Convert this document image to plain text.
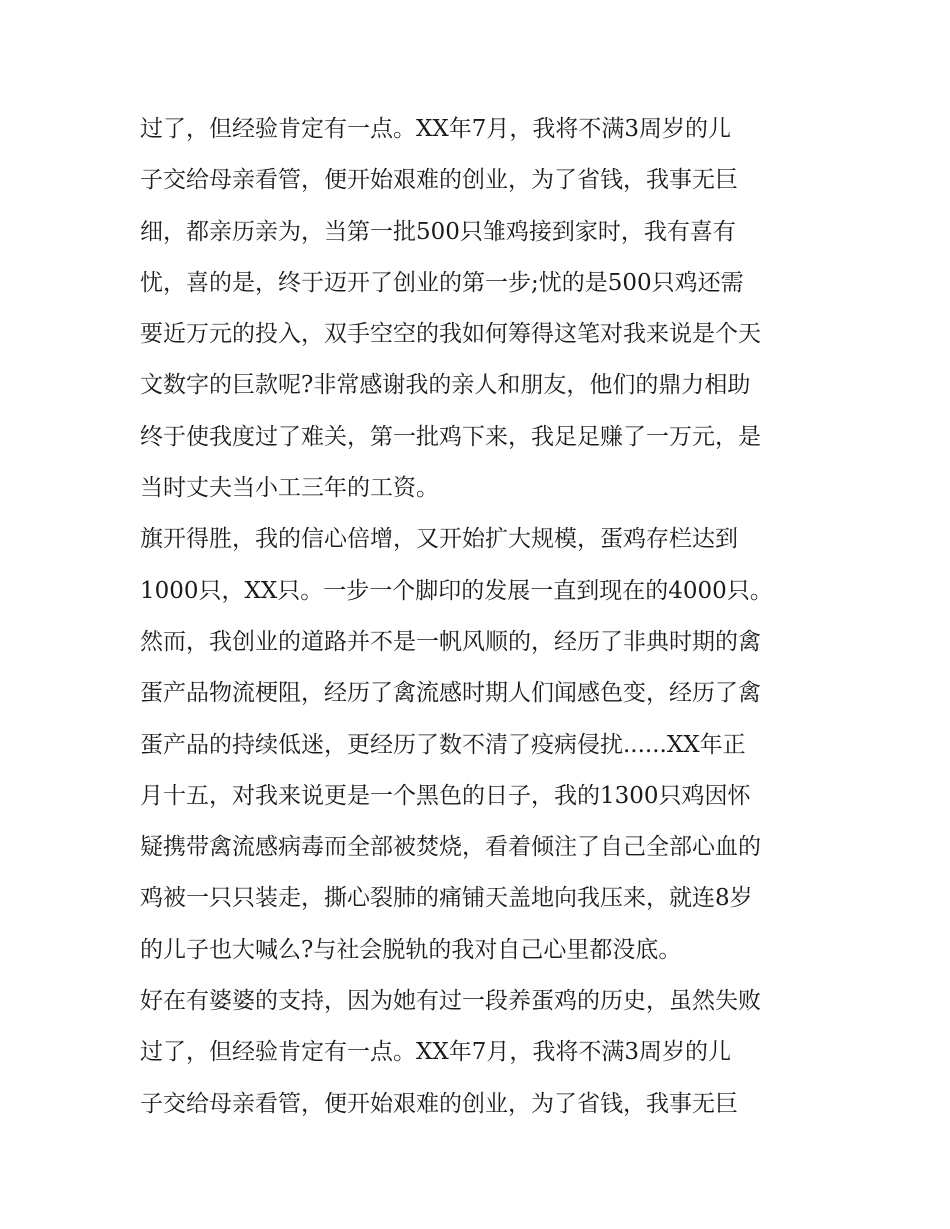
过了，但经验肯定有一点。XX年7月，我将不满3周岁的儿
子交给母亲看管，便开始艰难的创业，为了省钱，我事无巨
细，都亲历亲为，当第一批500只雏鸡接到家时，我有喜有
忧，喜的是，终于迈开了创业的第一步;忧的是500只鸡还需
要近万元的投入，双手空空的我如何筹得这笔对我来说是个天
文数字的巨款呢?非常感谢我的亲人和朋友，他们的鼎力相助
终于使我度过了难关，第一批鸡下来，我足足赚了一万元，是
当时丈夫当小工三年的工资。
旗开得胜，我的信心倍增，又开始扩大规模，蛋鸡存栏达到
1000只，XX只。一步一个脚印的发展一直到现在的4000只。
然而，我创业的道路并不是一帆风顺的，经历了非典时期的禽
蛋产品物流梗阻，经历了禽流感时期人们闻感色变，经历了禽
蛋产品的持续低迷，更经历了数不清了疫病侵扰......XX年正
月十五，对我来说更是一个黑色的日子，我的1300只鸡因怀
疑携带禽流感病毒而全部被焚烧，看着倾注了自己全部心血的
鸡被一只只装走，撕心裂肺的痛铺天盖地向我压来，就连8岁
的儿子也大喊么?与社会脱轨的我对自己心里都没底。
好在有婆婆的支持，因为她有过一段养蛋鸡的历史，虽然失败
过了，但经验肯定有一点。XX年7月，我将不满3周岁的儿
子交给母亲看管，便开始艰难的创业，为了省钱，我事无巨
